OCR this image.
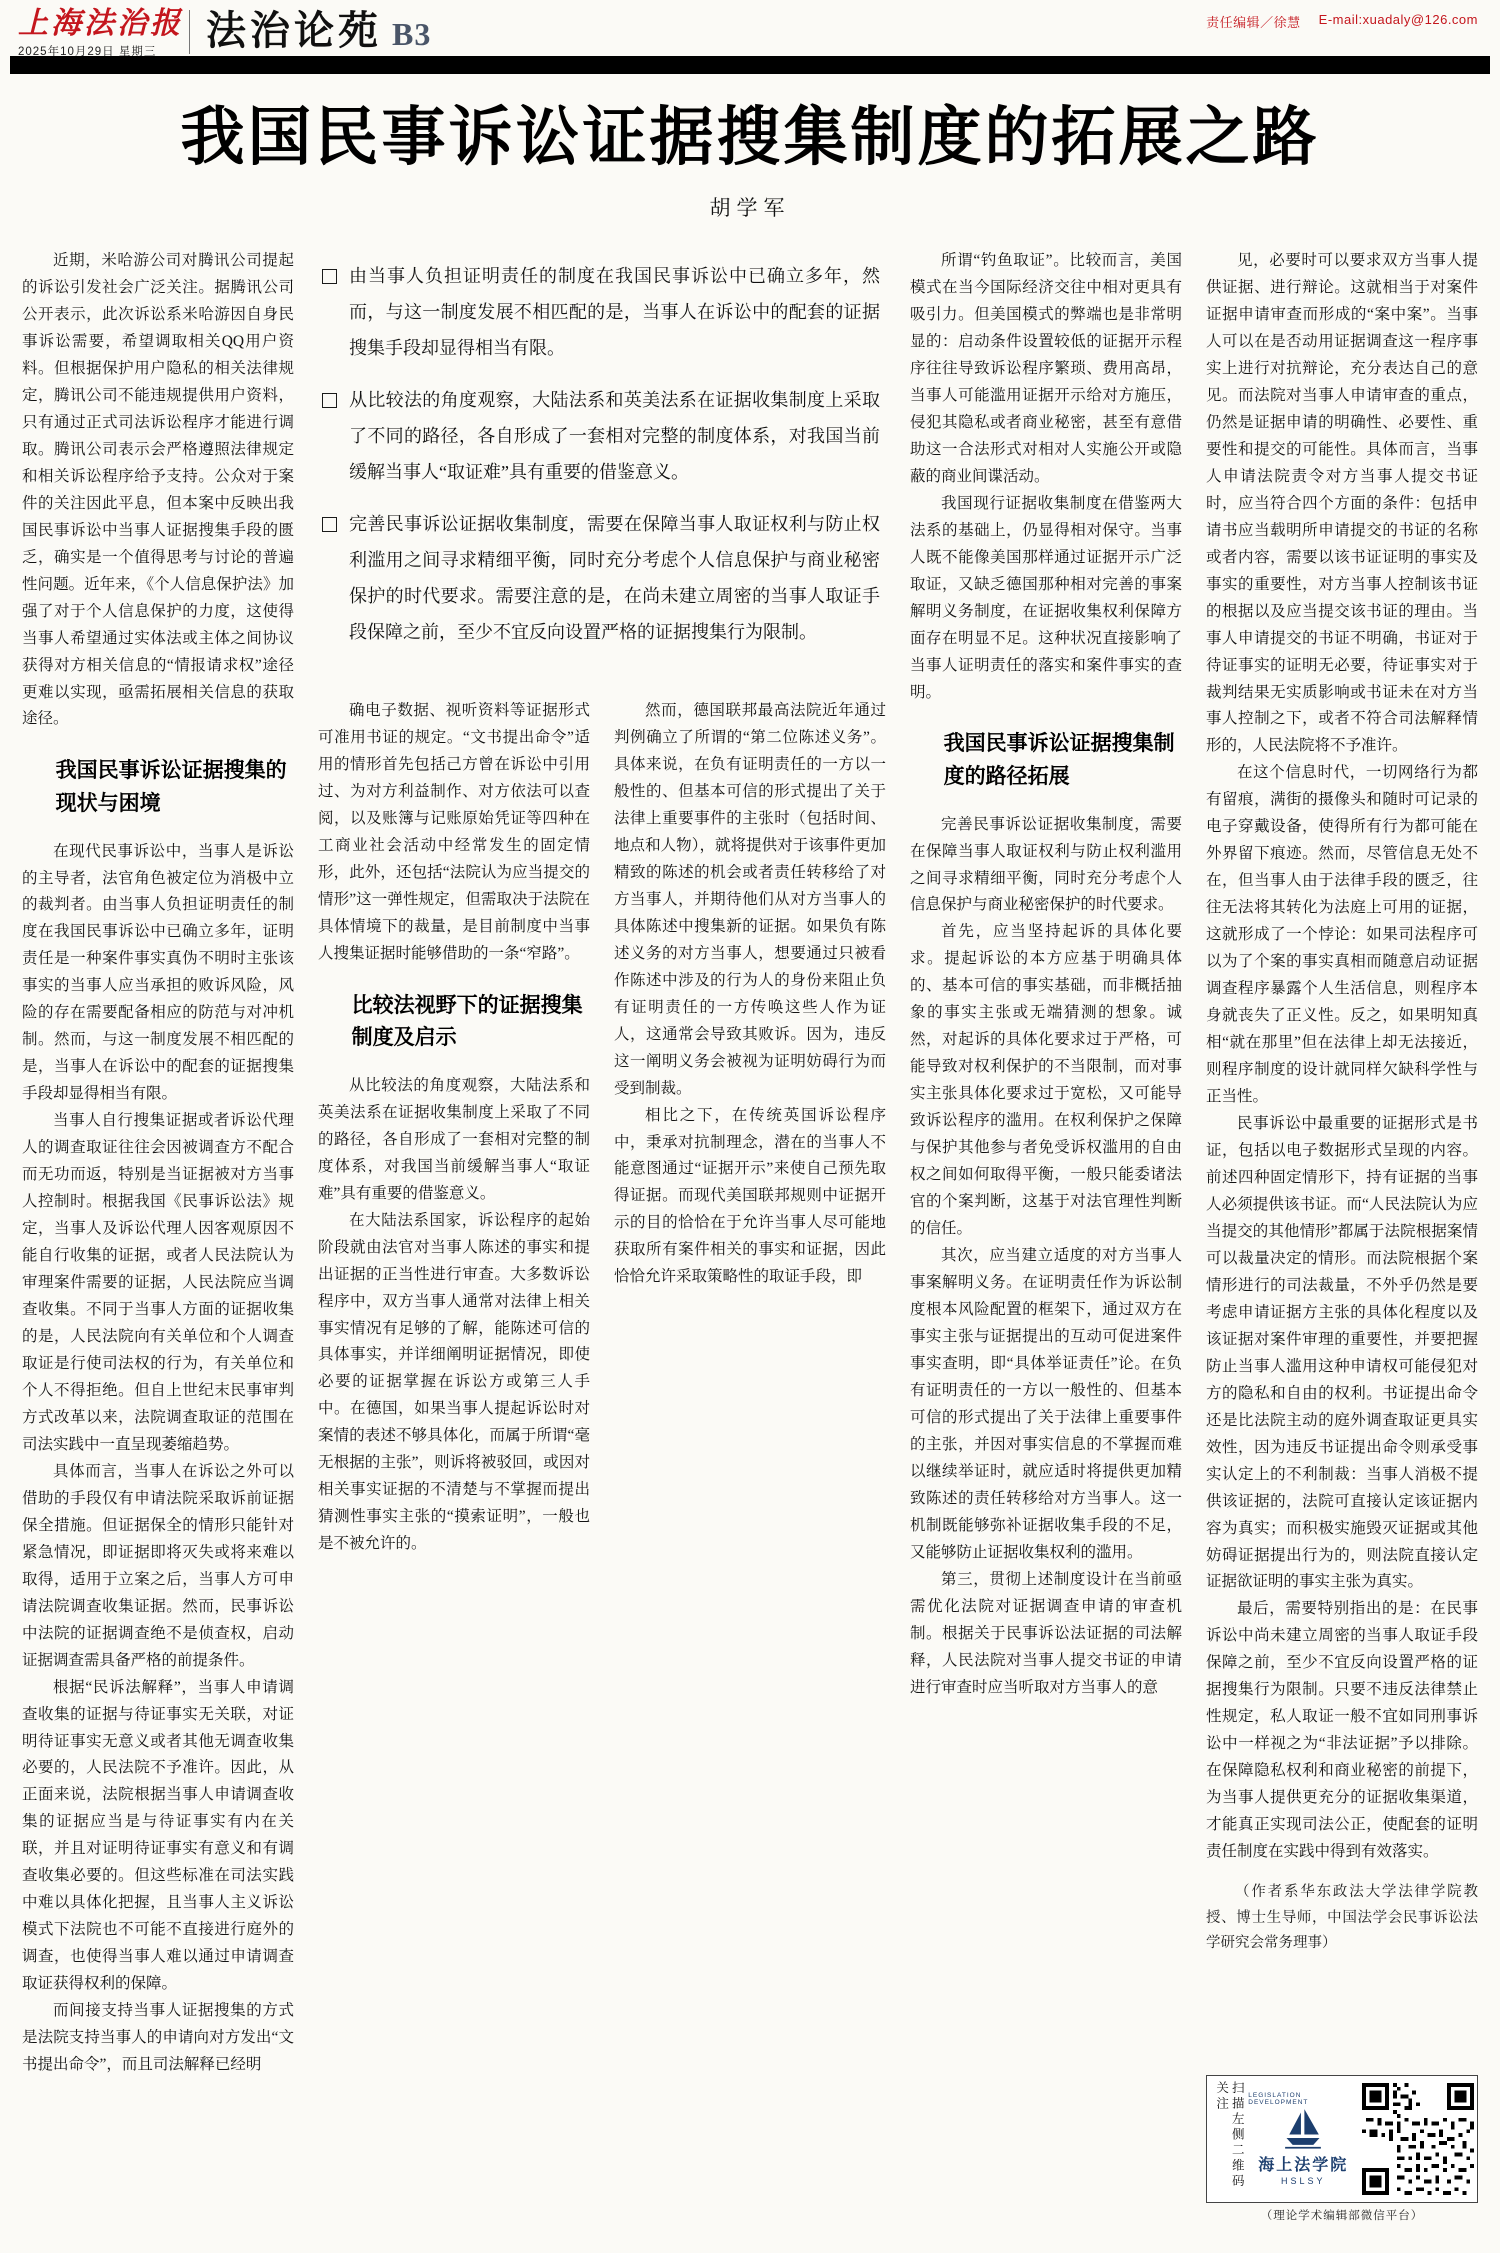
上海法治报
2025年10月29日 星期三	法治论苑 B3	责任编辑／徐慧 E-mail:xuadaly@126.com
我国民事诉讼证据搜集制度的拓展之路
胡学军

近期，米哈游公司对腾讯公司提起的诉讼引发社会广泛关注。据腾讯公司公开表示，此次诉讼系米哈游因自身民事诉讼需要，希望调取相关QQ用户资料。但根据保护用户隐私的相关法律规定，腾讯公司不能违规提供用户资料，只有通过正式司法诉讼程序才能进行调取。腾讯公司表示会严格遵照法律规定和相关诉讼程序给予支持。公众对于案件的关注因此平息，但本案中反映出我国民事诉讼中当事人证据搜集手段的匮乏，确实是一个值得思考与讨论的普遍性问题。近年来，《个人信息保护法》加强了对于个人信息保护的力度，这使得当事人希望通过实体法或主体之间协议获得对方相关信息的“情报请求权”途径更难以实现，亟需拓展相关信息的获取途径。

我国民事诉讼证据搜集的现状与困境

在现代民事诉讼中，当事人是诉讼的主导者，法官角色被定位为消极中立的裁判者。由当事人负担证明责任的制度在我国民事诉讼中已确立多年，证明责任是一种案件事实真伪不明时主张该事实的当事人应当承担的败诉风险，风险的存在需要配备相应的防范与对冲机制。然而，与这一制度发展不相匹配的是，当事人在诉讼中的配套的证据搜集手段却显得相当有限。

当事人自行搜集证据或者诉讼代理人的调查取证往往会因被调查方不配合而无功而返，特别是当证据被对方当事人控制时。根据我国《民事诉讼法》规定，当事人及诉讼代理人因客观原因不能自行收集的证据，或者人民法院认为审理案件需要的证据，人民法院应当调查收集。不同于当事人方面的证据收集的是，人民法院向有关单位和个人调查取证是行使司法权的行为，有关单位和个人不得拒绝。但自上世纪末民事审判方式改革以来，法院调查取证的范围在司法实践中一直呈现萎缩趋势。

具体而言，当事人在诉讼之外可以借助的手段仅有申请法院采取诉前证据保全措施。但证据保全的情形只能针对紧急情况，即证据即将灭失或将来难以取得，适用于立案之后，当事人方可申请法院调查收集证据。然而，民事诉讼中法院的证据调查绝不是侦查权，启动证据调查需具备严格的前提条件。

根据“民诉法解释”，当事人申请调查收集的证据与待证事实无关联，对证明待证事实无意义或者其他无调查收集必要的，人民法院不予准许。因此，从正面来说，法院根据当事人申请调查收集的证据应当是与待证事实有内在关联，并且对证明待证事实有意义和有调查收集必要的。但这些标准在司法实践中难以具体化把握，且当事人主义诉讼模式下法院也不可能不直接进行庭外的调查，也使得当事人难以通过申请调查取证获得权利的保障。

而间接支持当事人证据搜集的方式是法院支持当事人的申请向对方发出“文书提出命令”，而且司法解释已经明

由当事人负担证明责任的制度在我国民事诉讼中已确立多年，然而，与这一制度发展不相匹配的是，当事人在诉讼中的配套的证据搜集手段却显得相当有限。

从比较法的角度观察，大陆法系和英美法系在证据收集制度上采取了不同的路径，各自形成了一套相对完整的制度体系，对我国当前缓解当事人“取证难”具有重要的借鉴意义。

完善民事诉讼证据收集制度，需要在保障当事人取证权利与防止权利滥用之间寻求精细平衡，同时充分考虑个人信息保护与商业秘密保护的时代要求。需要注意的是，在尚未建立周密的当事人取证手段保障之前，至少不宜反向设置严格的证据搜集行为限制。

确电子数据、视听资料等证据形式可准用书证的规定。“文书提出命令”适用的情形首先包括己方曾在诉讼中引用过、为对方利益制作、对方依法可以查阅，以及账簿与记账原始凭证等四种在工商业社会活动中经常发生的固定情形，此外，还包括“法院认为应当提交的情形”这一弹性规定，但需取决于法院在具体情境下的裁量，是目前制度中当事人搜集证据时能够借助的一条“窄路”。

比较法视野下的证据搜集制度及启示

从比较法的角度观察，大陆法系和英美法系在证据收集制度上采取了不同的路径，各自形成了一套相对完整的制度体系，对我国当前缓解当事人“取证难”具有重要的借鉴意义。

在大陆法系国家，诉讼程序的起始阶段就由法官对当事人陈述的事实和提出证据的正当性进行审查。大多数诉讼程序中，双方当事人通常对法律上相关事实情况有足够的了解，能陈述可信的具体事实，并详细阐明证据情况，即使必要的证据掌握在诉讼方或第三人手中。在德国，如果当事人提起诉讼时对案情的表述不够具体化，而属于所谓“毫无根据的主张”，则诉将被驳回，或因对相关事实证据的不清楚与不掌握而提出猜测性事实主张的“摸索证明”，一般也是不被允许的。

然而，德国联邦最高法院近年通过判例确立了所谓的“第二位陈述义务”。具体来说，在负有证明责任的一方以一般性的、但基本可信的形式提出了关于法律上重要事件的主张时（包括时间、地点和人物），就将提供对于该事件更加精致的陈述的机会或者责任转移给了对方当事人，并期待他们从对方当事人的具体陈述中搜集新的证据。如果负有陈述义务的对方当事人，想要通过只被看作陈述中涉及的行为人的身份来阻止负有证明责任的一方传唤这些人作为证人，这通常会导致其败诉。因为，违反这一阐明义务会被视为证明妨碍行为而受到制裁。

相比之下，在传统英国诉讼程序中，秉承对抗制理念，潜在的当事人不能意图通过“证据开示”来使自己预先取得证据。而现代美国联邦规则中证据开示的目的恰恰在于允许当事人尽可能地获取所有案件相关的事实和证据，因此恰恰允许采取策略性的取证手段，即

所谓“钓鱼取证”。比较而言，美国模式在当今国际经济交往中相对更具有吸引力。但美国模式的弊端也是非常明显的：启动条件设置较低的证据开示程序往往导致诉讼程序繁琐、费用高昂，当事人可能滥用证据开示给对方施压，侵犯其隐私或者商业秘密，甚至有意借助这一合法形式对相对人实施公开或隐蔽的商业间谍活动。

我国现行证据收集制度在借鉴两大法系的基础上，仍显得相对保守。当事人既不能像美国那样通过证据开示广泛取证，又缺乏德国那种相对完善的事案解明义务制度，在证据收集权利保障方面存在明显不足。这种状况直接影响了当事人证明责任的落实和案件事实的查明。

我国民事诉讼证据搜集制度的路径拓展

完善民事诉讼证据收集制度，需要在保障当事人取证权利与防止权利滥用之间寻求精细平衡，同时充分考虑个人信息保护与商业秘密保护的时代要求。

首先，应当坚持起诉的具体化要求。提起诉讼的本方应基于明确具体的、基本可信的事实基础，而非概括抽象的事实主张或无端猜测的想象。诚然，对起诉的具体化要求过于严格，可能导致对权利保护的不当限制，而对事实主张具体化要求过于宽松，又可能导致诉讼程序的滥用。在权利保护之保障与保护其他参与者免受诉权滥用的自由权之间如何取得平衡，一般只能委诸法官的个案判断，这基于对法官理性判断的信任。

其次，应当建立适度的对方当事人事案解明义务。在证明责任作为诉讼制度根本风险配置的框架下，通过双方在事实主张与证据提出的互动可促进案件事实查明，即“具体举证责任”论。在负有证明责任的一方以一般性的、但基本可信的形式提出了关于法律上重要事件的主张，并因对事实信息的不掌握而难以继续举证时，就应适时将提供更加精致陈述的责任转移给对方当事人。这一机制既能够弥补证据收集手段的不足，又能够防止证据收集权利的滥用。

第三，贯彻上述制度设计在当前亟需优化法院对证据调查申请的审查机制。根据关于民事诉讼法证据的司法解释，人民法院对当事人提交书证的申请进行审查时应当听取对方当事人的意

见，必要时可以要求双方当事人提供证据、进行辩论。这就相当于对案件证据申请审查而形成的“案中案”。当事人可以在是否动用证据调查这一程序事实上进行对抗辩论，充分表达自己的意见。而法院对当事人申请审查的重点，仍然是证据申请的明确性、必要性、重要性和提交的可能性。具体而言，当事人申请法院责令对方当事人提交书证时，应当符合四个方面的条件：包括申请书应当载明所申请提交的书证的名称或者内容，需要以该书证证明的事实及事实的重要性，对方当事人控制该书证的根据以及应当提交该书证的理由。当事人申请提交的书证不明确，书证对于待证事实的证明无必要，待证事实对于裁判结果无实质影响或书证未在对方当事人控制之下，或者不符合司法解释情形的，人民法院将不予准许。

在这个信息时代，一切网络行为都有留痕，满街的摄像头和随时可记录的电子穿戴设备，使得所有行为都可能在外界留下痕迹。然而，尽管信息无处不在，但当事人由于法律手段的匮乏，往往无法将其转化为法庭上可用的证据，这就形成了一个悖论：如果司法程序可以为了个案的事实真相而随意启动证据调查程序暴露个人生活信息，则程序本身就丧失了正义性。反之，如果明知真相“就在那里”但在法律上却无法接近，则程序制度的设计就同样欠缺科学性与正当性。

民事诉讼中最重要的证据形式是书证，包括以电子数据形式呈现的内容。前述四种固定情形下，持有证据的当事人必须提供该书证。而“人民法院认为应当提交的其他情形”都属于法院根据案情可以裁量决定的情形。而法院根据个案情形进行的司法裁量，不外乎仍然是要考虑申请证据方主张的具体化程度以及该证据对案件审理的重要性，并要把握防止当事人滥用这种申请权可能侵犯对方的隐私和自由的权利。书证提出命令还是比法院主动的庭外调查取证更具实效性，因为违反书证提出命令则承受事实认定上的不利制裁：当事人消极不提供该证据的，法院可直接认定该证据内容为真实；而积极实施毁灭证据或其他妨碍证据提出行为的，则法院直接认定证据欲证明的事实主张为真实。

最后，需要特别指出的是：在民事诉讼中尚未建立周密的当事人取证手段保障之前，至少不宜反向设置严格的证据搜集行为限制。只要不违反法律禁止性规定，私人取证一般不宜如同刑事诉讼中一样视之为“非法证据”予以排除。在保障隐私权利和商业秘密的前提下，为当事人提供更充分的证据收集渠道，才能真正实现司法公正，使配套的证明责任制度在实践中得到有效落实。

（作者系华东政法大学法律学院教授、博士生导师，中国法学会民事诉讼法学研究会常务理事）

扫描左侧二维码关注	LEGISLATION DEVELOPMENT
海上法学院
HSLSY
（理论学术编辑部微信平台）
